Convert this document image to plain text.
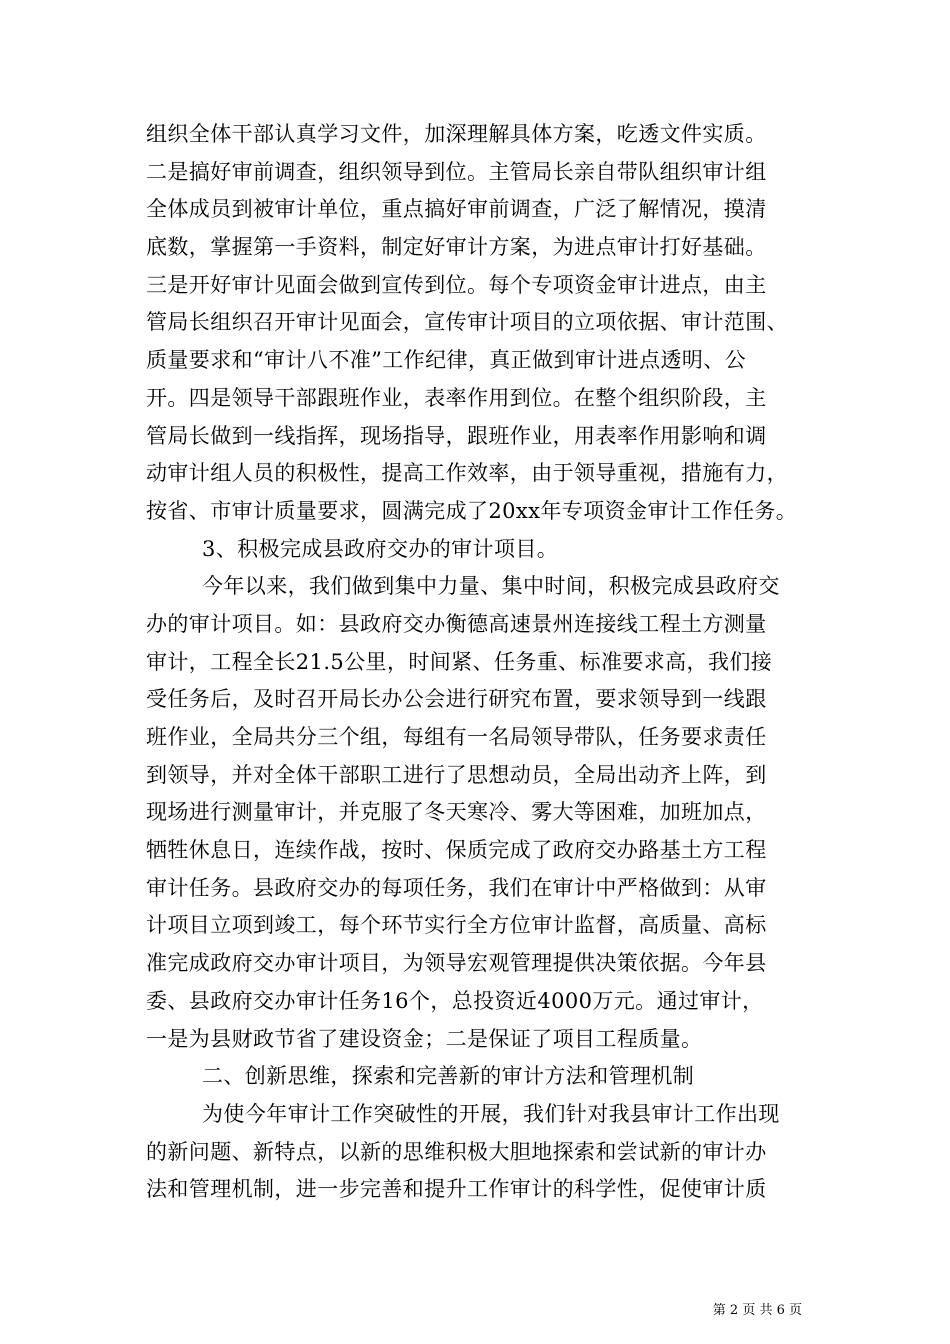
组织全体干部认真学习文件，加深理解具体方案，吃透文件实质。
二是搞好审前调查，组织领导到位。主管局长亲自带队组织审计组
全体成员到被审计单位，重点搞好审前调查，广泛了解情况，摸清
底数，掌握第一手资料，制定好审计方案，为进点审计打好基础。
三是开好审计见面会做到宣传到位。每个专项资金审计进点，由主
管局长组织召开审计见面会，宣传审计项目的立项依据、审计范围、
质量要求和“审计八不准”工作纪律，真正做到审计进点透明、公
开。四是领导干部跟班作业，表率作用到位。在整个组织阶段，主
管局长做到一线指挥，现场指导，跟班作业，用表率作用影响和调
动审计组人员的积极性，提高工作效率，由于领导重视，措施有力，
按省、市审计质量要求，圆满完成了20xx年专项资金审计工作任务。
3、积极完成县政府交办的审计项目。
今年以来，我们做到集中力量、集中时间，积极完成县政府交
办的审计项目。如：县政府交办衡德高速景州连接线工程土方测量
审计，工程全长21.5公里，时间紧、任务重、标准要求高，我们接
受任务后，及时召开局长办公会进行研究布置，要求领导到一线跟
班作业，全局共分三个组，每组有一名局领导带队，任务要求责任
到领导，并对全体干部职工进行了思想动员，全局出动齐上阵，到
现场进行测量审计，并克服了冬天寒冷、雾大等困难，加班加点，
牺牲休息日，连续作战，按时、保质完成了政府交办路基土方工程
审计任务。县政府交办的每项任务，我们在审计中严格做到：从审
计项目立项到竣工，每个环节实行全方位审计监督，高质量、高标
准完成政府交办审计项目，为领导宏观管理提供决策依据。今年县
委、县政府交办审计任务16个，总投资近4000万元。通过审计，
一是为县财政节省了建设资金；二是保证了项目工程质量。
二、创新思维，探索和完善新的审计方法和管理机制
为使今年审计工作突破性的开展，我们针对我县审计工作出现
的新问题、新特点，以新的思维积极大胆地探索和尝试新的审计办
法和管理机制，进一步完善和提升工作审计的科学性，促使审计质
第 2 页 共 6 页
